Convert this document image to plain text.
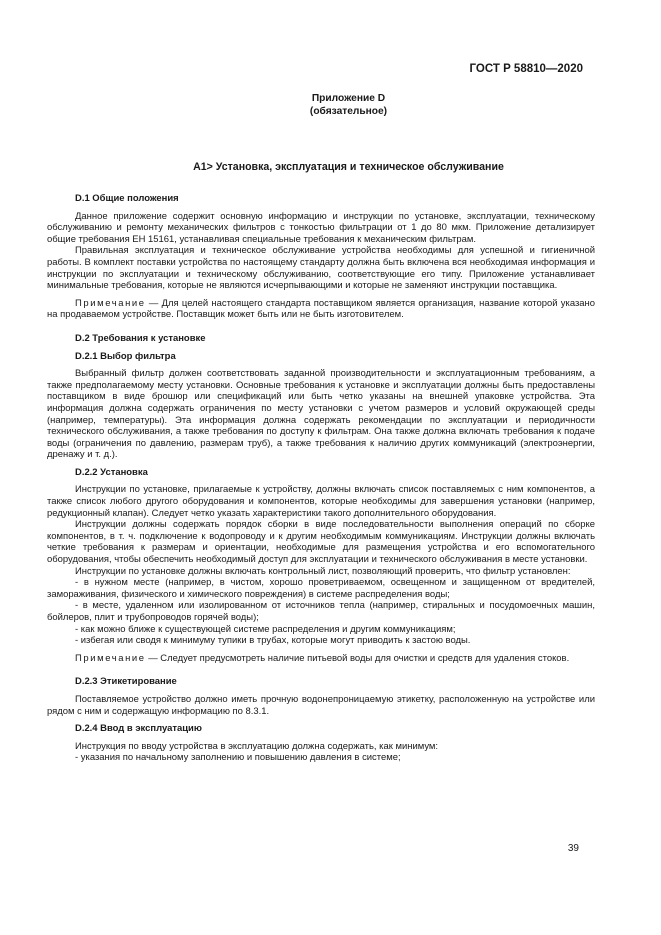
ГОСТ Р 58810—2020
Приложение D
(обязательное)
А1> Установка, эксплуатация и техническое обслуживание

D.1 Общие положения

Данное приложение содержит основную информацию и инструкции по установке, эксплуатации, техническому обслуживанию и ремонту механических фильтров с тонкостью фильтрации от 1 до 80 мкм. Приложение детализирует общие требования ЕН 15161, устанавливая специальные требования к механическим фильтрам.

Правильная эксплуатация и техническое обслуживание устройства необходимы для успешной и гигиеничной работы. В комплект поставки устройства по настоящему стандарту должна быть включена вся необходимая информация и инструкции по эксплуатации и техническому обслуживанию, соответствующие его типу. Приложение устанавливает минимальные требования, которые не являются исчерпывающими и которые не заменяют инструкции поставщика.

Примечание — Для целей настоящего стандарта поставщиком является организация, название которой указано на продаваемом устройстве. Поставщик может быть или не быть изготовителем.

D.2 Требования к установке

D.2.1 Выбор фильтра

Выбранный фильтр должен соответствовать заданной производительности и эксплуатационным требованиям, а также предполагаемому месту установки. Основные требования к установке и эксплуатации должны быть предоставлены поставщиком в виде брошюр или спецификаций или быть четко указаны на внешней упаковке устройства. Эта информация должна содержать ограничения по месту установки с учетом размеров и условий окружающей среды (например, температуры). Эта информация должна содержать рекомендации по эксплуатации и периодичности технического обслуживания, а также требования по доступу к фильтрам. Она также должна включать требования к подаче воды (ограничения по давлению, размерам труб), а также требования к наличию других коммуникаций (электроэнергии, дренажу и т. д.).

D.2.2 Установка

Инструкции по установке, прилагаемые к устройству, должны включать список поставляемых с ним компонентов, а также список любого другого оборудования и компонентов, которые необходимы для завершения установки (например, редукционный клапан). Следует четко указать характеристики такого дополнительного оборудования.

Инструкции должны содержать порядок сборки в виде последовательности выполнения операций по сборке компонентов, в т. ч. подключение к водопроводу и к другим необходимым коммуникациям. Инструкции должны включать четкие требования к размерам и ориентации, необходимые для размещения устройства и его вспомогательного оборудования, чтобы обеспечить необходимый доступ для эксплуатации и технического обслуживания в месте установки.

Инструкции по установке должны включать контрольный лист, позволяющий проверить, что фильтр установлен:

- в нужном месте (например, в чистом, хорошо проветриваемом, освещенном и защищенном от вредителей, замораживания, физического и химического повреждения) в системе распределения воды;

- в месте, удаленном или изолированном от источников тепла (например, стиральных и посудомоечных машин, бойлеров, плит и трубопроводов горячей воды);

- как можно ближе к существующей системе распределения и другим коммуникациям;

- избегая или сводя к минимуму тупики в трубах, которые могут приводить к застою воды.

Примечание — Следует предусмотреть наличие питьевой воды для очистки и средств для удаления стоков.

D.2.3 Этикетирование

Поставляемое устройство должно иметь прочную водонепроницаемую этикетку, расположенную на устройстве или рядом с ним и содержащую информацию по 8.3.1.

D.2.4 Ввод в эксплуатацию

Инструкция по вводу устройства в эксплуатацию должна содержать, как минимум:

- указания по начальному заполнению и повышению давления в системе;

39
